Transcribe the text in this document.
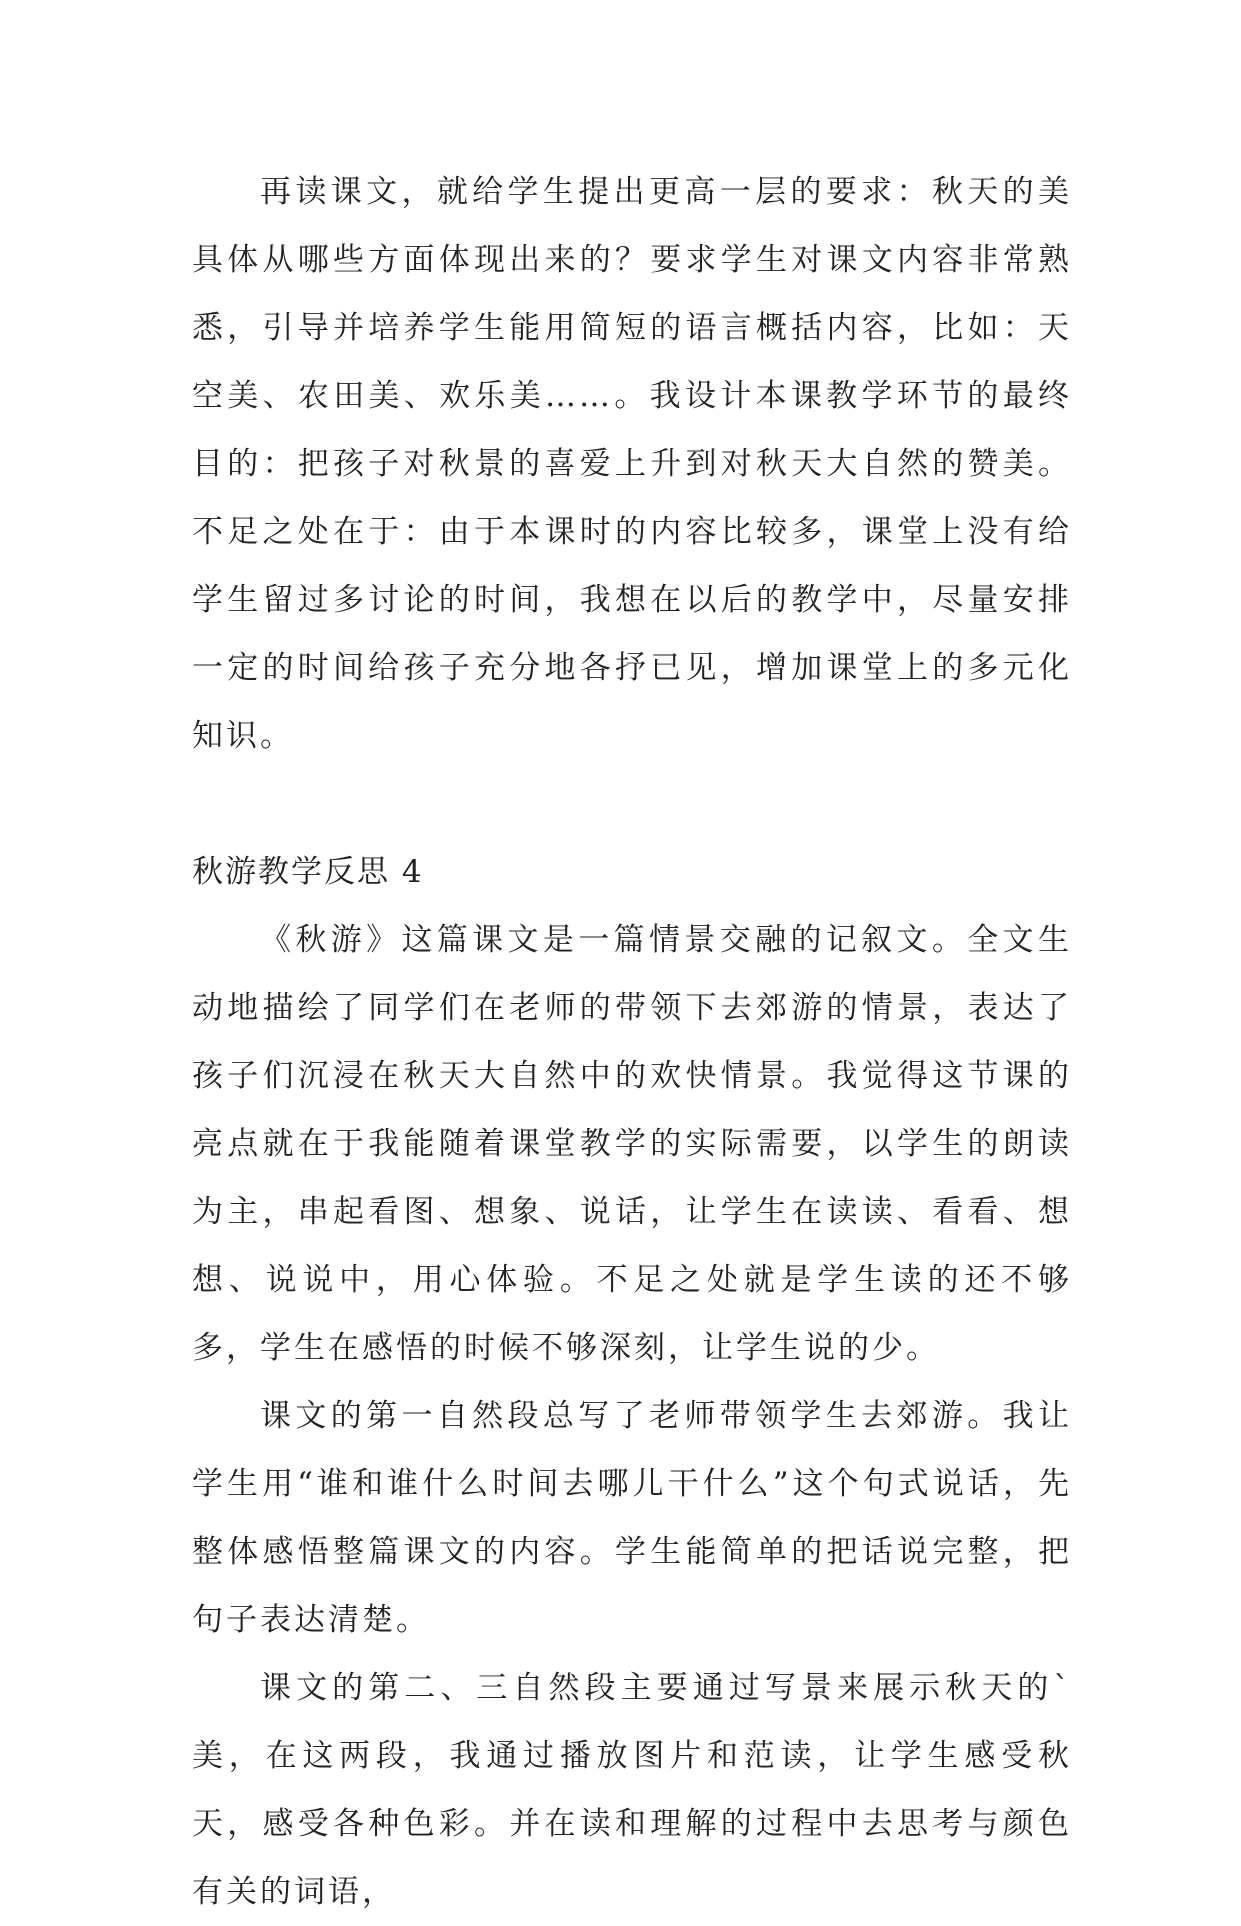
再读课文，就给学生提出更高一层的要求：秋天的美具体从哪些方面体现出来的？要求学生对课文内容非常熟悉，引导并培养学生能用简短的语言概括内容，比如：天空美、农田美、欢乐美……。我设计本课教学环节的最终目的：把孩子对秋景的喜爱上升到对秋天大自然的赞美。不足之处在于：由于本课时的内容比较多，课堂上没有给学生留过多讨论的时间，我想在以后的教学中，尽量安排一定的时间给孩子充分地各抒已见，增加课堂上的多元化知识。

秋游教学反思 4

《秋游》这篇课文是一篇情景交融的记叙文。全文生动地描绘了同学们在老师的带领下去郊游的情景，表达了孩子们沉浸在秋天大自然中的欢快情景。我觉得这节课的亮点就在于我能随着课堂教学的实际需要，以学生的朗读为主，串起看图、想象、说话，让学生在读读、看看、想想、说说中，用心体验。不足之处就是学生读的还不够多，学生在感悟的时候不够深刻，让学生说的少。

课文的第一自然段总写了老师带领学生去郊游。我让学生用“谁和谁什么时间去哪儿干什么”这个句式说话，先整体感悟整篇课文的内容。学生能简单的把话说完整，把句子表达清楚。

课文的第二、三自然段主要通过写景来展示秋天的`美，在这两段，我通过播放图片和范读，让学生感受秋天，感受各种色彩。并在读和理解的过程中去思考与颜色有关的词语，
